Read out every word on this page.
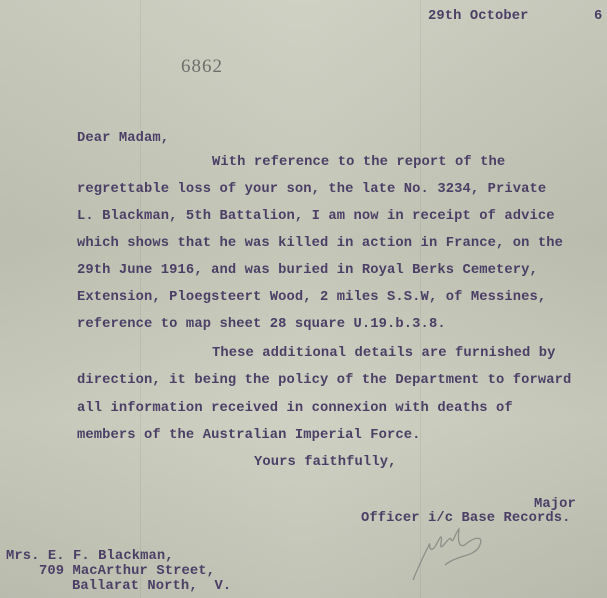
29th October	6
6862
Dear Madam,
With reference to the report of the
regrettable loss of your son, the late No. 3234, Private
L. Blackman, 5th Battalion, I am now in receipt of advice
which shows that he was killed in action in France, on the
29th June 1916, and was buried in Royal Berks Cemetery,
Extension, Ploegsteert Wood, 2 miles S.S.W, of Messines,
reference to map sheet 28 square U.19.b.3.8.
These additional details are furnished by
direction, it being the policy of the Department to forward
all information received in connexion with deaths of
members of the Australian Imperial Force.
Yours faithfully,
Major
Officer i/c Base Records.
Mrs. E. F. Blackman,
709 MacArthur Street,
Ballarat North,  V.
